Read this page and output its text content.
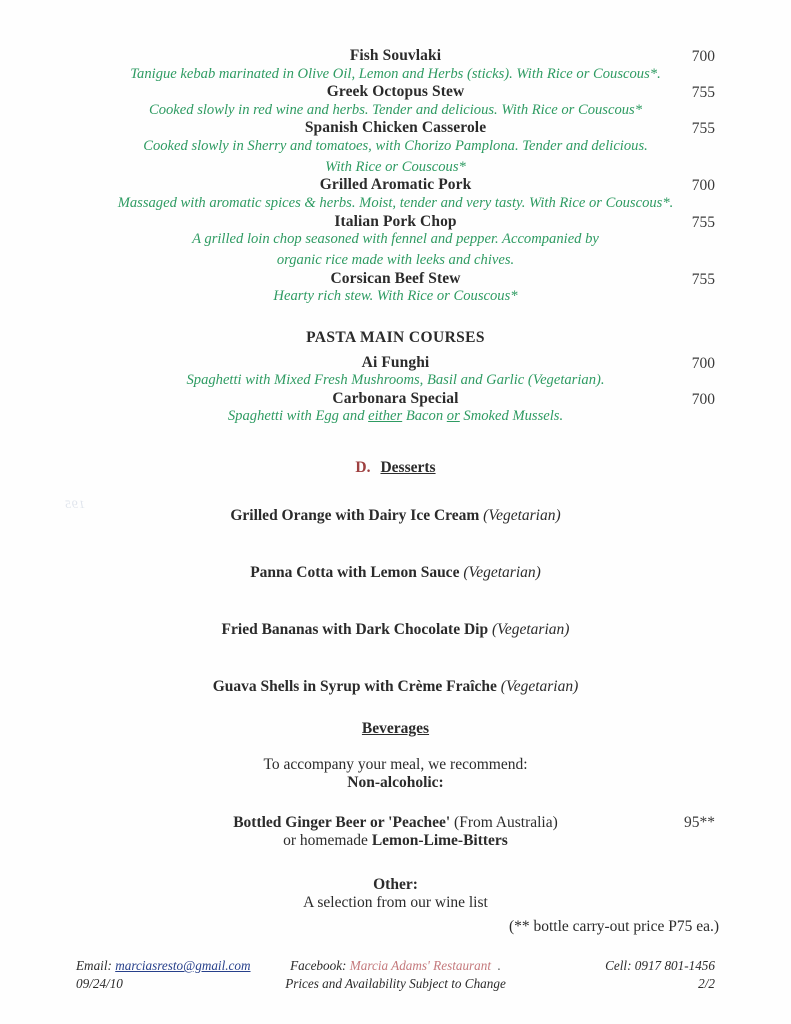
195
Fish Souvlaki	700
Tanigue kebab marinated in Olive Oil, Lemon and Herbs (sticks). With Rice or Couscous*.
Greek Octopus Stew	755
Cooked slowly in red wine and herbs. Tender and delicious. With Rice or Couscous*
Spanish Chicken Casserole	755
Cooked slowly in Sherry and tomatoes, with Chorizo Pamplona. Tender and delicious.
With Rice or Couscous*
Grilled Aromatic Pork	700
Massaged with aromatic spices & herbs. Moist, tender and very tasty. With Rice or Couscous*.
Italian Pork Chop	755
A grilled loin chop seasoned with fennel and pepper. Accompanied by
organic rice made with leeks and chives.
Corsican Beef Stew	755
Hearty rich stew. With Rice or Couscous*
PASTA MAIN COURSES
Ai Funghi	700
Spaghetti with Mixed Fresh Mushrooms, Basil and Garlic (Vegetarian).
Carbonara Special	700
Spaghetti with Egg and either Bacon or Smoked Mussels.
D. Desserts
Grilled Orange with Dairy Ice Cream (Vegetarian)
Panna Cotta with Lemon Sauce (Vegetarian)
Fried Bananas with Dark Chocolate Dip (Vegetarian)
Guava Shells in Syrup with Crème Fraîche (Vegetarian)
Beverages
To accompany your meal, we recommend:
Non-alcoholic:
Bottled Ginger Beer or 'Peachee' (From Australia)	95**
or homemade Lemon-Lime-Bitters
Other:
A selection from our wine list
(** bottle carry-out price P75 ea.)
Email: marciasresto@gmail.com	Facebook: Marcia Adams' Restaurant .	Cell: 0917 801-1456
09/24/10	Prices and Availability Subject to Change	2/2
